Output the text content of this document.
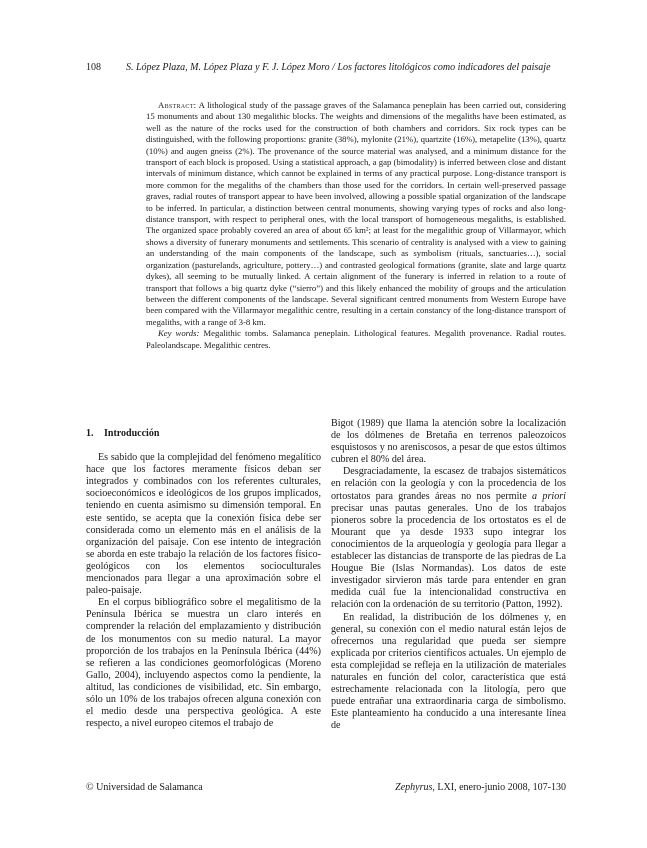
108	S. López Plaza, M. López Plaza y F. J. López Moro / Los factores litológicos como indicadores del paisaje

Abstract: A lithological study of the passage graves of the Salamanca peneplain has been carried out, considering 15 monuments and about 130 megalithic blocks. The weights and dimensions of the megaliths have been estimated, as well as the nature of the rocks used for the construction of both chambers and corridors. Six rock types can be distinguished, with the following proportions: granite (38%), mylonite (21%), quartzite (16%), metapelite (13%), quartz (10%) and augen gneiss (2%). The provenance of the source material was analysed, and a minimum distance for the transport of each block is proposed. Using a statistical approach, a gap (bimodality) is inferred between close and distant intervals of minimum distance, which cannot be explained in terms of any practical purpose. Long-distance transport is more common for the megaliths of the chambers than those used for the corridors. In certain well-preserved passage graves, radial routes of transport appear to have been involved, allowing a possible spatial organization of the landscape to be inferred. In particular, a distinction between central monuments, showing varying types of rocks and also long-distance transport, with respect to peripheral ones, with the local transport of homogeneous megaliths, is established. The organized space probably covered an area of about 65 km²; at least for the megalithic group of Villarmayor, which shows a diversity of funerary monuments and settlements. This scenario of centrality is analysed with a view to gaining an understanding of the main components of the landscape, such as symbolism (rituals, sanctuaries…), social organization (pasturelands, agriculture, pottery…) and contrasted geological formations (granite, slate and large quartz dykes), all seeming to be mutually linked. A certain alignment of the funerary is inferred in relation to a route of transport that follows a big quartz dyke (“sierro”) and this likely enhanced the mobility of groups and the articulation between the different components of the landscape. Several significant centred monuments from Western Europe have been compared with the Villarmayor megalithic centre, resulting in a certain constancy of the long-distance transport of megaliths, with a range of 3-8 km.

Key words: Megalithic tombs. Salamanca peneplain. Lithological features. Megalith provenance. Radial routes. Paleolandscape. Megalithic centres.

1. Introducción

Es sabido que la complejidad del fenómeno megalítico hace que los factores meramente físicos deban ser integrados y combinados con los referentes culturales, socioeconómicos e ideológicos de los grupos implicados, teniendo en cuenta asimismo su dimensión temporal. En este sentido, se acepta que la conexión física debe ser considerada como un elemento más en el análisis de la organización del paisaje. Con ese intento de integración se aborda en este trabajo la relación de los factores físico-geológicos con los elementos socioculturales mencionados para llegar a una aproximación sobre el paleo-paisaje.

En el corpus bibliográfico sobre el megalitismo de la Península Ibérica se muestra un claro interés en comprender la relación del emplazamiento y distribución de los monumentos con su medio natural. La mayor proporción de los trabajos en la Península Ibérica (44%) se refieren a las condiciones geomorfológicas (Moreno Gallo, 2004), incluyendo aspectos como la pendiente, la altitud, las condiciones de visibilidad, etc. Sin embargo, sólo un 10% de los trabajos ofrecen alguna conexión con el medio desde una perspectiva geológica. A este respecto, a nivel europeo citemos el trabajo de

Bigot (1989) que llama la atención sobre la localización de los dólmenes de Bretaña en terrenos paleozoicos esquistosos y no areniscosos, a pesar de que estos últimos cubren el 80% del área.

Desgraciadamente, la escasez de trabajos sistemáticos en relación con la geología y con la procedencia de los ortostatos para grandes áreas no nos permite a priori precisar unas pautas generales. Uno de los trabajos pioneros sobre la procedencia de los ortostatos es el de Mourant que ya desde 1933 supo integrar los conocimientos de la arqueología y geología para llegar a establecer las distancias de transporte de las piedras de La Hougue Bie (Islas Normandas). Los datos de este investigador sirvieron más tarde para entender en gran medida cuál fue la intencionalidad constructiva en relación con la ordenación de su territorio (Patton, 1992).

En realidad, la distribución de los dólmenes y, en general, su conexión con el medio natural están lejos de ofrecernos una regularidad que pueda ser siempre explicada por criterios científicos actuales. Un ejemplo de esta complejidad se refleja en la utilización de materiales naturales en función del color, característica que está estrechamente relacionada con la litología, pero que puede entrañar una extraordinaria carga de simbolismo. Este planteamiento ha conducido a una interesante línea de

© Universidad de Salamanca	Zephyrus, LXI, enero-junio 2008, 107-130
